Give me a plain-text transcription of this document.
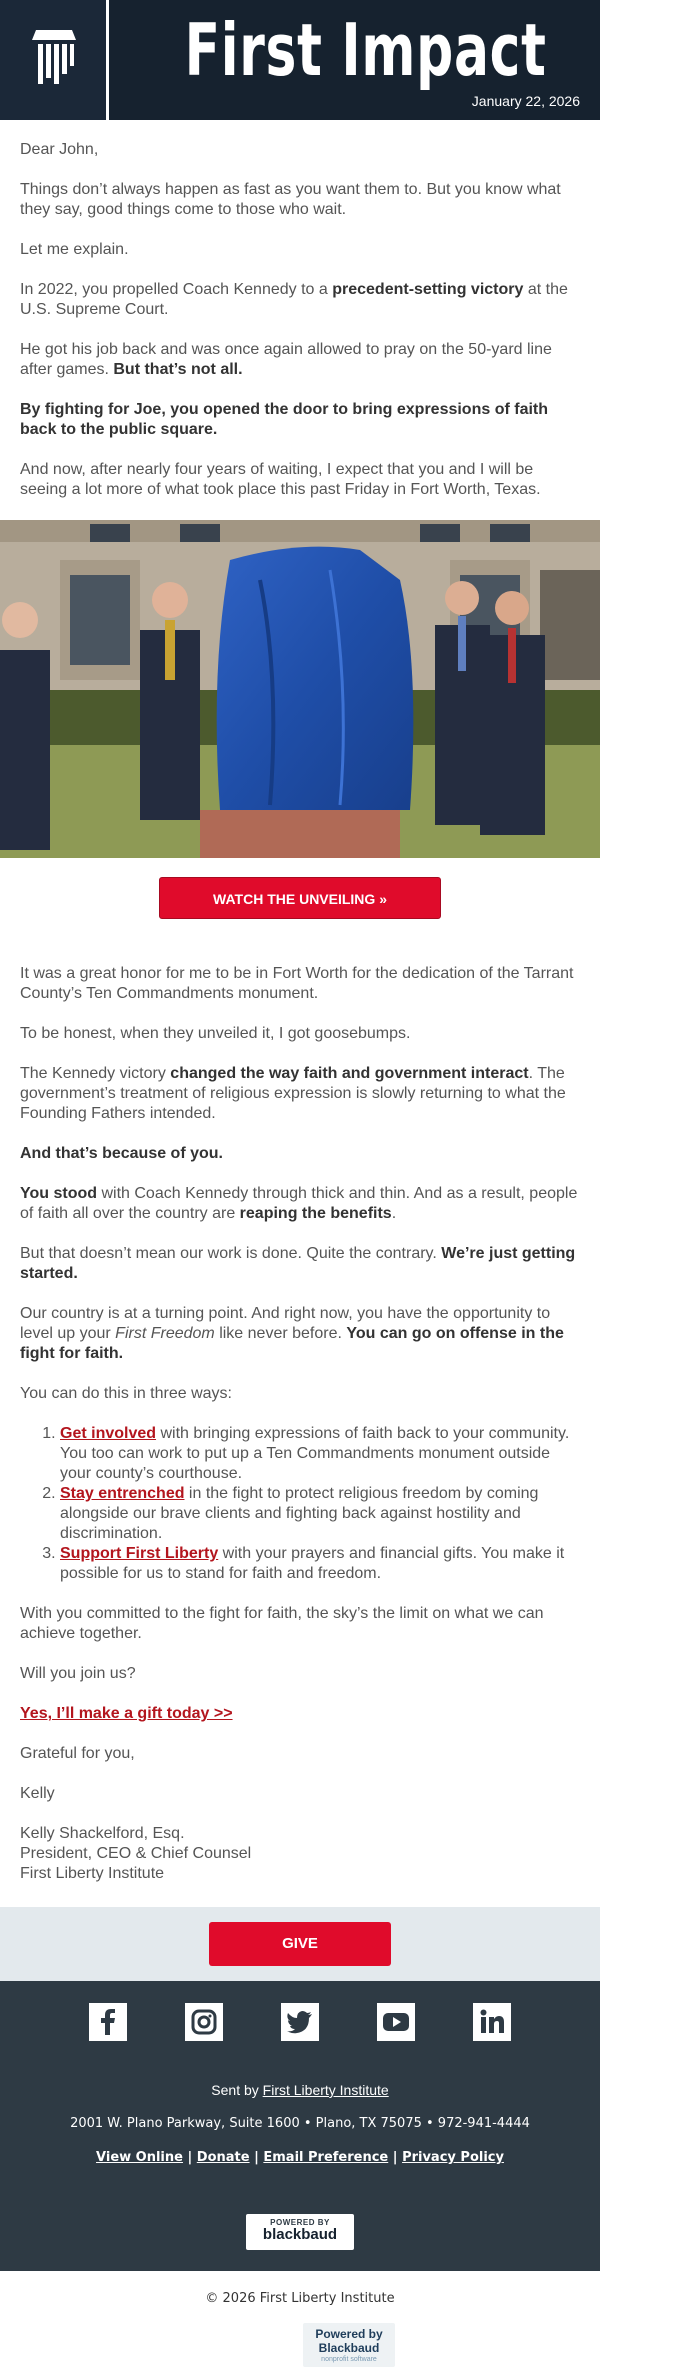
First Impact
January 22, 2026

Dear John,

Things don’t always happen as fast as you want them to. But you know what they say, good things come to those who wait.

Let me explain.

In 2022, you propelled Coach Kennedy to a precedent-setting victory at the U.S. Supreme Court.

He got his job back and was once again allowed to pray on the 50-yard line after games. But that’s not all.

By fighting for Joe, you opened the door to bring expressions of faith back to the public square.

And now, after nearly four years of waiting, I expect that you and I will be seeing a lot more of what took place this past Friday in Fort Worth, Texas.

WATCH THE UNVEILING »

It was a great honor for me to be in Fort Worth for the dedication of the Tarrant County’s Ten Commandments monument.

To be honest, when they unveiled it, I got goosebumps.

The Kennedy victory changed the way faith and government interact. The government’s treatment of religious expression is slowly returning to what the Founding Fathers intended.

And that’s because of you.

You stood with Coach Kennedy through thick and thin. And as a result, people of faith all over the country are reaping the benefits.

But that doesn’t mean our work is done. Quite the contrary. We’re just getting started.

Our country is at a turning point. And right now, you have the opportunity to level up your First Freedom like never before. You can go on offense in the fight for faith.

You can do this in three ways:

1. Get involved with bringing expressions of faith back to your community. You too can work to put up a Ten Commandments monument outside your county’s courthouse.
2. Stay entrenched in the fight to protect religious freedom by coming alongside our brave clients and fighting back against hostility and discrimination.
3. Support First Liberty with your prayers and financial gifts. You make it possible for us to stand for faith and freedom.

With you committed to the fight for faith, the sky’s the limit on what we can achieve together.

Will you join us?

Yes, I’ll make a gift today >>

Grateful for you,

Kelly

Kelly Shackelford, Esq.
President, CEO & Chief Counsel
First Liberty Institute

GIVE
Sent by First Liberty Institute
2001 W. Plano Parkway, Suite 1600 • Plano, TX 75075 • 972-941-4444
View Online | Donate | Email Preference | Privacy Policy
POWERED BY
blackbaud
© 2026 First Liberty Institute
Powered by
Blackbaud
nonprofit software
